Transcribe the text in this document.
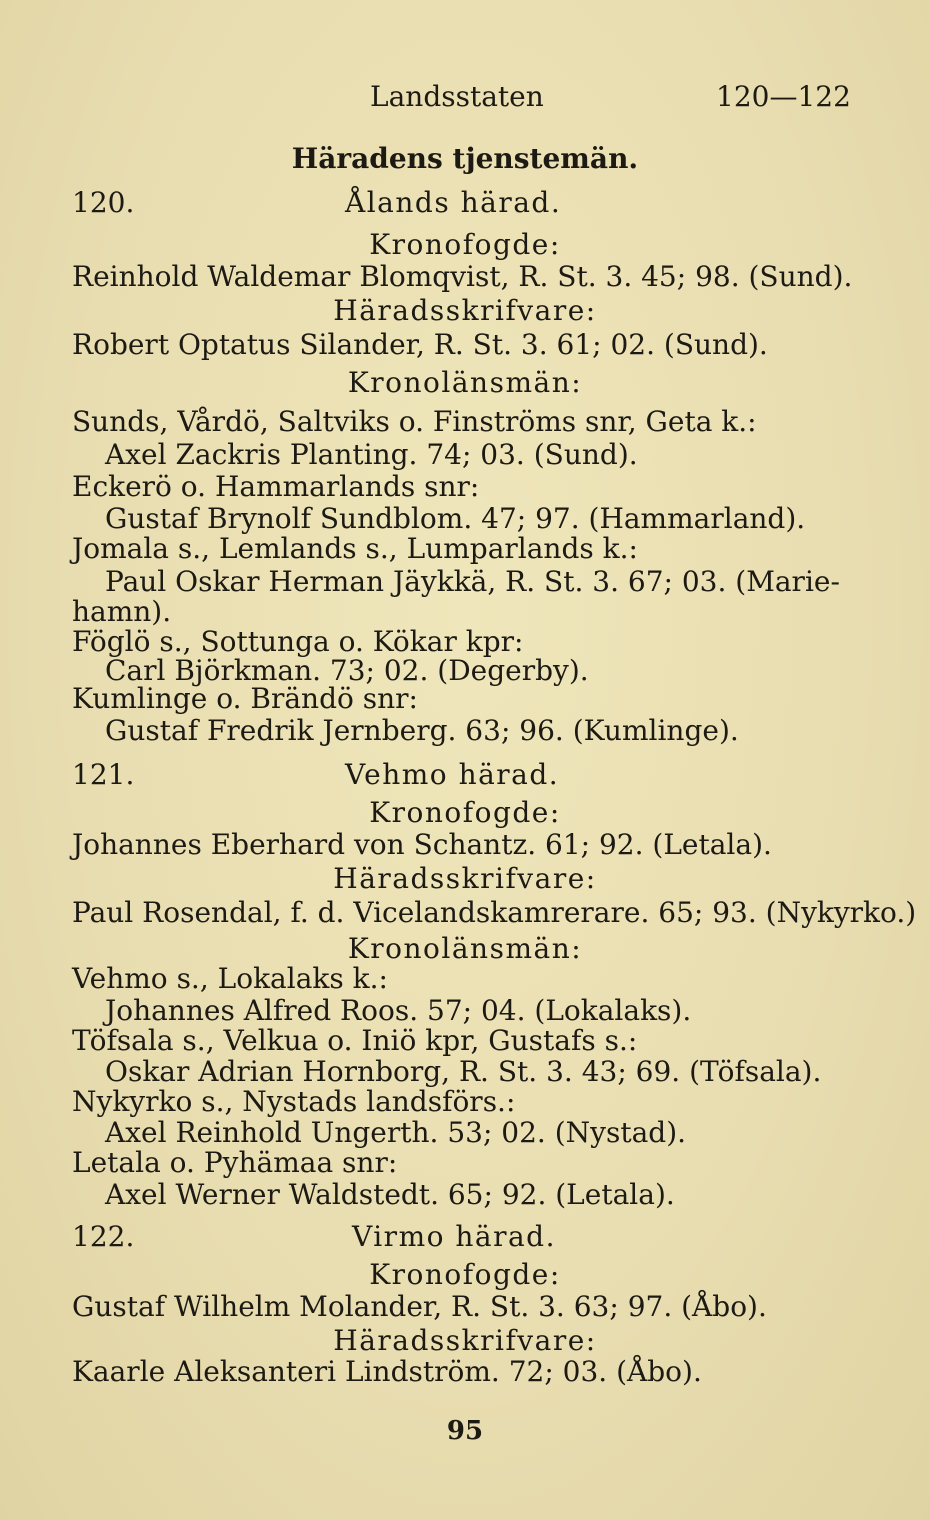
Landsstaten	120—122
Häradens tjenstemän.
120.	Ålands härad.
Kronofogde:
Reinhold Waldemar Blomqvist, R. St. 3. 45; 98. (Sund).
Häradsskrifvare:
Robert Optatus Silander, R. St. 3. 61; 02. (Sund).
Kronolänsmän:
Sunds, Vårdö, Saltviks o. Finströms snr, Geta k.:
Axel Zackris Planting. 74; 03. (Sund).
Eckerö o. Hammarlands snr:
Gustaf Brynolf Sundblom. 47; 97. (Hammarland).
Jomala s., Lemlands s., Lumparlands k.:
Paul Oskar Herman Jäykkä, R. St. 3. 67; 03. (Marie-
hamn).
Föglö s., Sottunga o. Kökar kpr:
Carl Björkman. 73; 02. (Degerby).
Kumlinge o. Brändö snr:
Gustaf Fredrik Jernberg. 63; 96. (Kumlinge).
121.	Vehmo härad.
Kronofogde:
Johannes Eberhard von Schantz. 61; 92. (Letala).
Häradsskrifvare:
Paul Rosendal, f. d. Vicelandskamrerare. 65; 93. (Nykyrko.)
Kronolänsmän:
Vehmo s., Lokalaks k.:
Johannes Alfred Roos. 57; 04. (Lokalaks).
Töfsala s., Velkua o. Iniö kpr, Gustafs s.:
Oskar Adrian Hornborg, R. St. 3. 43; 69. (Töfsala).
Nykyrko s., Nystads landsförs.:
Axel Reinhold Ungerth. 53; 02. (Nystad).
Letala o. Pyhämaa snr:
Axel Werner Waldstedt. 65; 92. (Letala).
122.	Virmo härad.
Kronofogde:
Gustaf Wilhelm Molander, R. St. 3. 63; 97. (Åbo).
Häradsskrifvare:
Kaarle Aleksanteri Lindström. 72; 03. (Åbo).
95
